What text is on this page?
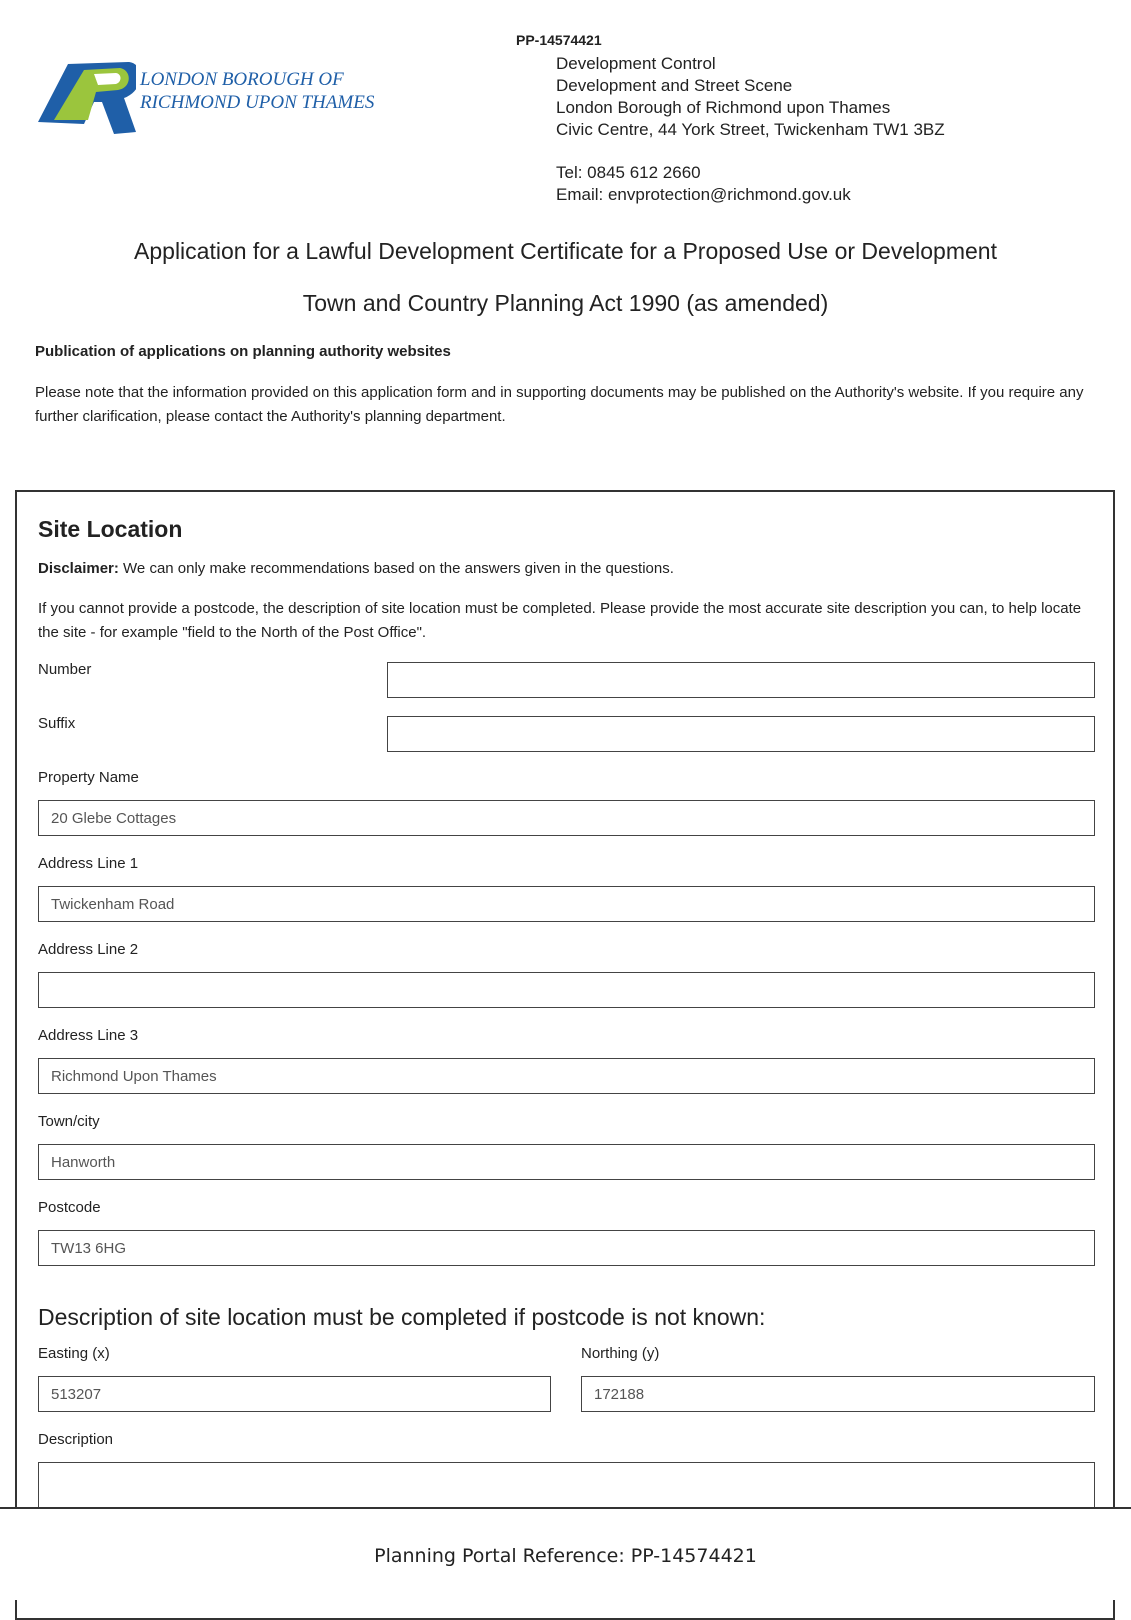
LONDON BOROUGH OF
RICHMOND UPON THAMES
PP-14574421
Development Control
Development and Street Scene
London Borough of Richmond upon Thames
Civic Centre, 44 York Street, Twickenham TW1 3BZ
Tel: 0845 612 2660
Email: envprotection@richmond.gov.uk
Application for a Lawful Development Certificate for a Proposed Use or Development
Town and Country Planning Act 1990 (as amended)
Publication of applications on planning authority websites
Please note that the information provided on this application form and in supporting documents may be published on the Authority's website. If you require any further clarification, please contact the Authority's planning department.
Site Location
Disclaimer: We can only make recommendations based on the answers given in the questions.
If you cannot provide a postcode, the description of site location must be completed. Please provide the most accurate site description you can, to help locate the site - for example "field to the North of the Post Office".
Number
Suffix
Property Name
20 Glebe Cottages
Address Line 1
Twickenham Road
Address Line 2
Address Line 3
Richmond Upon Thames
Town/city
Hanworth
Postcode
TW13 6HG
Description of site location must be completed if postcode is not known:
Easting (x)
513207	Northing (y)
172188
Description
Planning Portal Reference: PP-14574421
